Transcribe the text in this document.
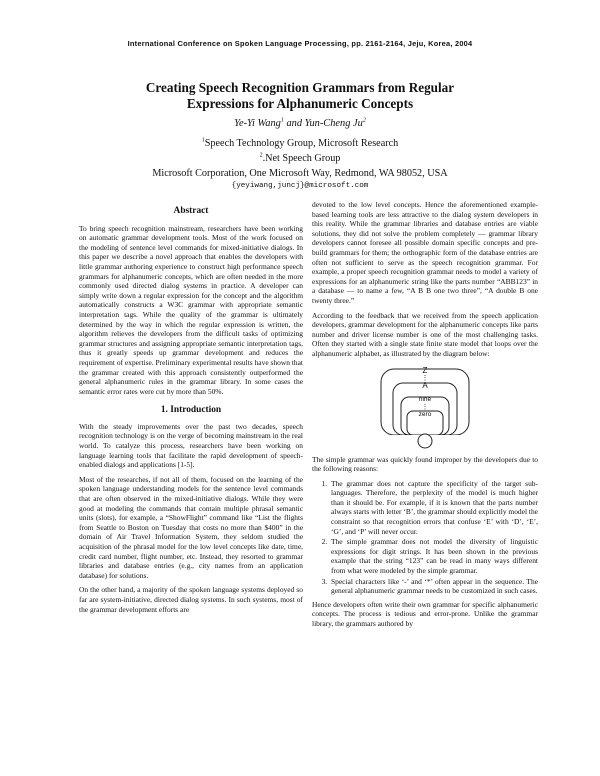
International Conference on Spoken Language Processing, pp. 2161-2164, Jeju, Korea, 2004
Creating Speech Recognition Grammars from Regular
Expressions for Alphanumeric Concepts
Ye-Yi Wang$^1$ and Yun-Cheng Ju$^2$
$^1$Speech Technology Group, Microsoft Research
$^2$.Net Speech Group
Microsoft Corporation, One Microsoft Way, Redmond, WA 98052, USA
{yeyiwang,juncj}@microsoft.com
Abstract

To bring speech recognition mainstream, researchers have been working on automatic grammar development tools. Most of the work focused on the modeling of sentence level commands for mixed-initiative dialogs. In this paper we describe a novel approach that enables the developers with little grammar authoring experience to construct high performance speech grammars for alphanumeric concepts, which are often needed in the more commonly used directed dialog systems in practice. A developer can simply write down a regular expression for the concept and the algorithm automatically constructs a W3C grammar with appropriate semantic interpretation tags. While the quality of the grammar is ultimately determined by the way in which the regular expression is written, the algorithm relieves the developers from the difficult tasks of optimizing grammar structures and assigning appropriate semantic interpretation tags, thus it greatly speeds up grammar development and reduces the requirement of expertise. Preliminary experimental results have shown that the grammar created with this approach consistently outperformed the general alphanumeric rules in the grammar library. In some cases the semantic error rates were cut by more than 50%.

1. Introduction

With the steady improvements over the past two decades, speech recognition technology is on the verge of becoming mainstream in the real world. To catalyze this process, researchers have been working on language learning tools that facilitate the rapid development of speech-enabled dialogs and applications [1-5].

Most of the researches, if not all of them, focused on the learning of the spoken language understanding models for the sentence level commands that are often observed in the mixed-initiative dialogs. While they were good at modeling the commands that contain multiple phrasal semantic units (slots), for example, a “ShowFlight” command like “List the flights from Seattle to Boston on Tuesday that costs no more than $400” in the domain of Air Travel Information System, they seldom studied the acquisition of the phrasal model for the low level concepts like date, time, credit card number, flight number, etc. Instead, they resorted to grammar libraries and database entries (e.g., city names from an application database) for solutions.

On the other hand, a majority of the spoken language systems deployed so far are system-initiative, directed dialog systems. In such systems, most of the grammar development efforts are

devoted to the low level concepts. Hence the aforementioned example-based learning tools are less attractive to the dialog system developers in this reality. While the grammar libraries and database entries are viable solutions, they did not solve the problem completely — grammar library developers cannot foresee all possible domain specific concepts and pre-build grammars for them; the orthographic form of the database entries are often not sufficient to serve as the speech recognition grammar. For example, a proper speech recognition grammar needs to model a variety of expressions for an alphanumeric string like the parts number “ABB123” in a database — to name a few, “A B B one two three”, “A double B one twenty three.”

According to the feedback that we received from the speech application developers, grammar development for the alphanumeric concepts like parts number and driver license number is one of the most challenging tasks. Often they started with a single state finite state model that loops over the alphanumeric alphabet, as illustrated by the diagram below:

Z
⋮
A
nine
⋮
zero

The simple grammar was quickly found improper by the developers due to the following reasons:

1. The grammar does not capture the specificity of the target sub-languages. Therefore, the perplexity of the model is much higher than it should be. For example, if it is known that the parts number always starts with letter ‘B’, the grammar should explicitly model the constraint so that recognition errors that confuse ‘E’ with ‘D’, ‘E’, ‘G’, and ‘P’ will never occur.
2. The simple grammar does not model the diversity of linguistic expressions for digit strings. It has been shown in the previous example that the string “123” can be read in many ways different from what were modeled by the simple grammar.
3. Special characters like ‘-’ and ‘*’ often appear in the sequence. The general alphanumeric grammar needs to be customized in such cases.

Hence developers often write their own grammar for specific alphanumeric concepts. The process is tedious and error-prone. Unlike the grammar library, the grammars authored by
